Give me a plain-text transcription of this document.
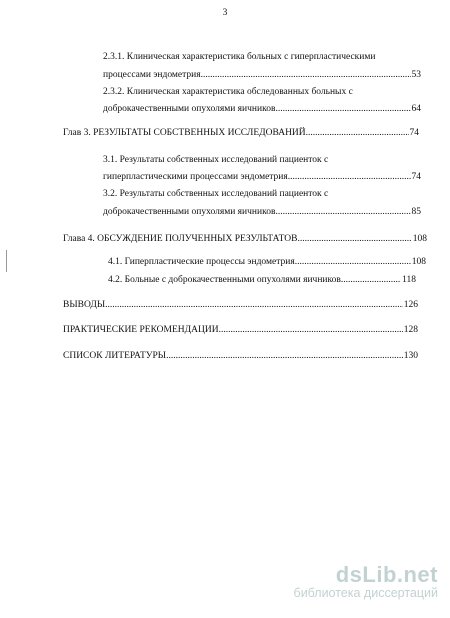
3
2.3.1. Клиническая характеристика больных с гиперпластическими
процессами эндометрия .....	53
2.3.2. Клиническая характеристика обследованных больных с
доброкачественными опухолями яичников .....	64
Глав 3. РЕЗУЛЬТАТЫ СОБСТВЕННЫХ ИССЛЕДОВАНИЙ .....	74
3.1. Результаты собственных исследований пациенток с
гиперпластическими процессами эндометрия. .....	74
3.2. Результаты собственных исследований пациенток с
доброкачественными опухолями яичников .....	85
Глава 4. ОБСУЖДЕНИЕ ПОЛУЧЕННЫХ РЕЗУЛЬТАТОВ .....	108
4.1. Гиперпластические процессы эндометрия. .....	108
4.2. Больные с доброкачественными опухолями яичников .....	118
ВЫВОДЫ .....	126
ПРАКТИЧЕСКИЕ РЕКОМЕНДАЦИИ .....	128
СПИСОК ЛИТЕРАТУРЫ .....	130
dsLib.net
библиотека диссертаций
